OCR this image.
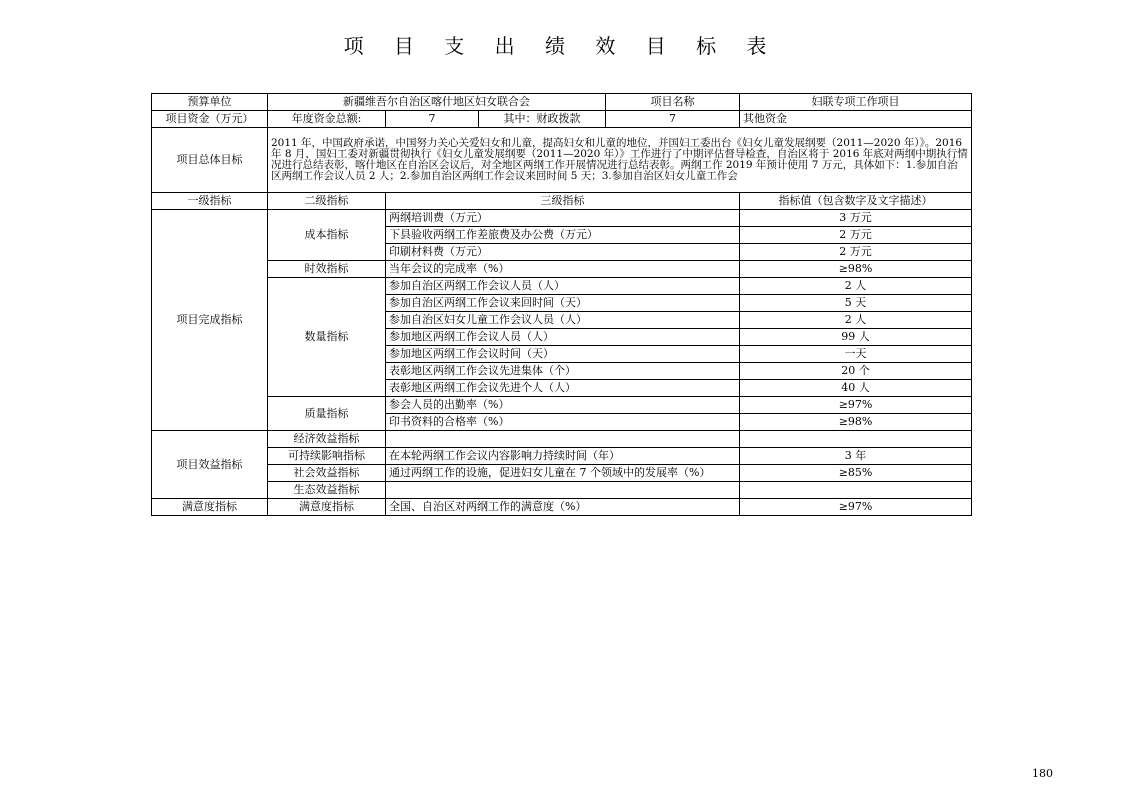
项 目 支 出 绩 效 目 标 表
预算单位	新疆维吾尔自治区喀什地区妇女联合会			项目名称	妇联专项工作项目
项目资金（万元）	年度资金总额:	7	其中：财政拨款	7	其他资金
项目总体目标	2011 年，中国政府承诺，中国努力关心关爱妇女和儿童，提高妇女和儿童的地位，并国妇工委出台《妇女儿童发展纲要（2011—2020 年）》。2016 年 8 月，国妇工委对新疆贯彻执行《妇女儿童发展纲要（2011—2020 年）》工作进行了中期评估督导检查，自治区将于 2016 年底对两纲中期执行情况进行总结表彰，喀什地区在自治区会议后，对全地区两纲工作开展情况进行总结表彰。两纲工作 2019 年预计使用 7 万元，具体如下：1.参加自治区两纲工作会议人员 2 人；2.参加自治区两纲工作会议来回时间 5 天；3.参加自治区妇女儿童工作会				
一级指标	二级指标	三级指标			指标值（包含数字及文字描述）
项目完成指标	成本指标	两纲培训费（万元）			3 万元
		下县验收两纲工作差旅费及办公费（万元）			2 万元
		印刷材料费（万元）			2 万元
	时效指标	当年会议的完成率（%）			≥98%
	数量指标	参加自治区两纲工作会议人员（人）			2 人
		参加自治区两纲工作会议来回时间（天）			5 天
		参加自治区妇女儿童工作会议人员（人）			2 人
		参加地区两纲工作会议人员（人）			99 人
		参加地区两纲工作会议时间（天）			一天
		表彰地区两纲工作会议先进集体（个）			20 个
		表彰地区两纲工作会议先进个人（人）			40 人
	质量指标	参会人员的出勤率（%）			≥97%
		印书资料的合格率（%）			≥98%
项目效益指标	经济效益指标				
	可持续影响指标	在本轮两纲工作会议内容影响力持续时间（年）			3 年
	社会效益指标	通过两纲工作的设施，促进妇女儿童在 7 个领域中的发展率（%）			≥85%
	生态效益指标				
满意度指标	满意度指标	全国、自治区对两纲工作的满意度（%）			≥97%
180
